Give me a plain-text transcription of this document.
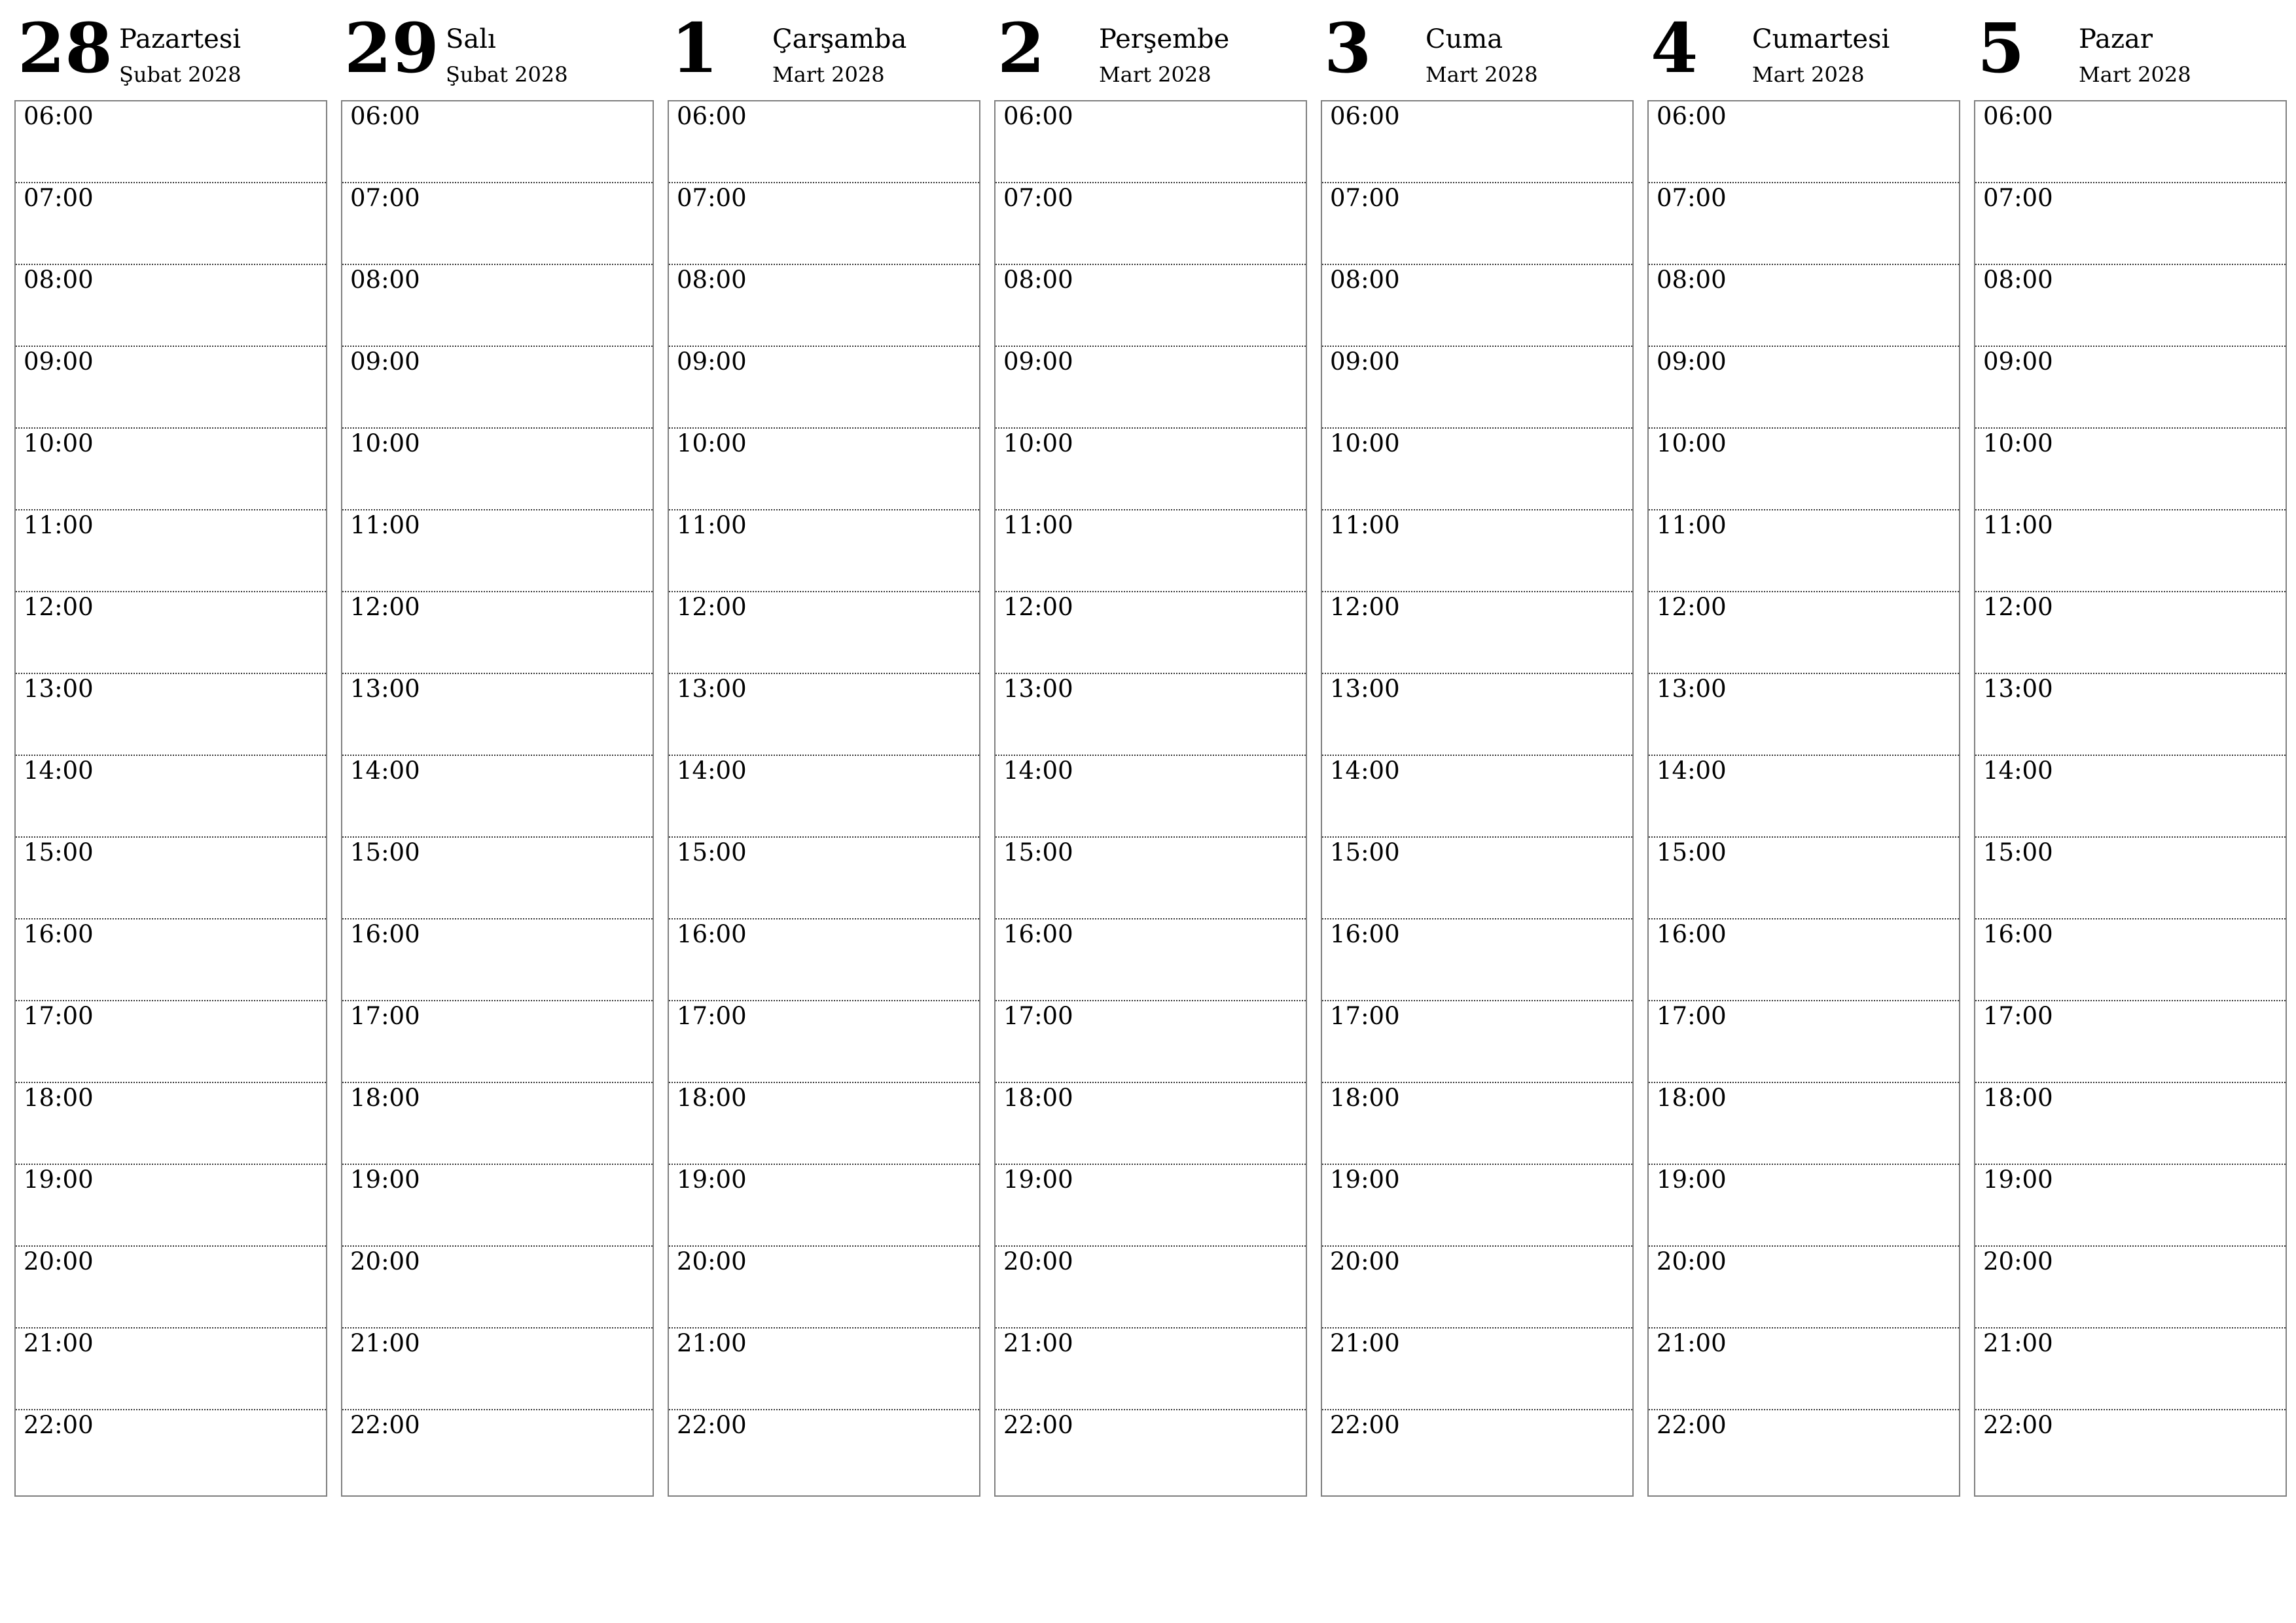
28 Pazartesi
Şubat 2028
06:00
07:00
08:00
09:00
10:00
11:00
12:00
13:00
14:00
15:00
16:00
17:00
18:00
19:00
20:00
21:00
22:00
29 Salı
Şubat 2028
06:00
07:00
08:00
09:00
10:00
11:00
12:00
13:00
14:00
15:00
16:00
17:00
18:00
19:00
20:00
21:00
22:00
1 Çarşamba
Mart 2028
06:00
07:00
08:00
09:00
10:00
11:00
12:00
13:00
14:00
15:00
16:00
17:00
18:00
19:00
20:00
21:00
22:00
2 Perşembe
Mart 2028
06:00
07:00
08:00
09:00
10:00
11:00
12:00
13:00
14:00
15:00
16:00
17:00
18:00
19:00
20:00
21:00
22:00
3 Cuma
Mart 2028
06:00
07:00
08:00
09:00
10:00
11:00
12:00
13:00
14:00
15:00
16:00
17:00
18:00
19:00
20:00
21:00
22:00
4 Cumartesi
Mart 2028
06:00
07:00
08:00
09:00
10:00
11:00
12:00
13:00
14:00
15:00
16:00
17:00
18:00
19:00
20:00
21:00
22:00
5 Pazar
Mart 2028
06:00
07:00
08:00
09:00
10:00
11:00
12:00
13:00
14:00
15:00
16:00
17:00
18:00
19:00
20:00
21:00
22:00
